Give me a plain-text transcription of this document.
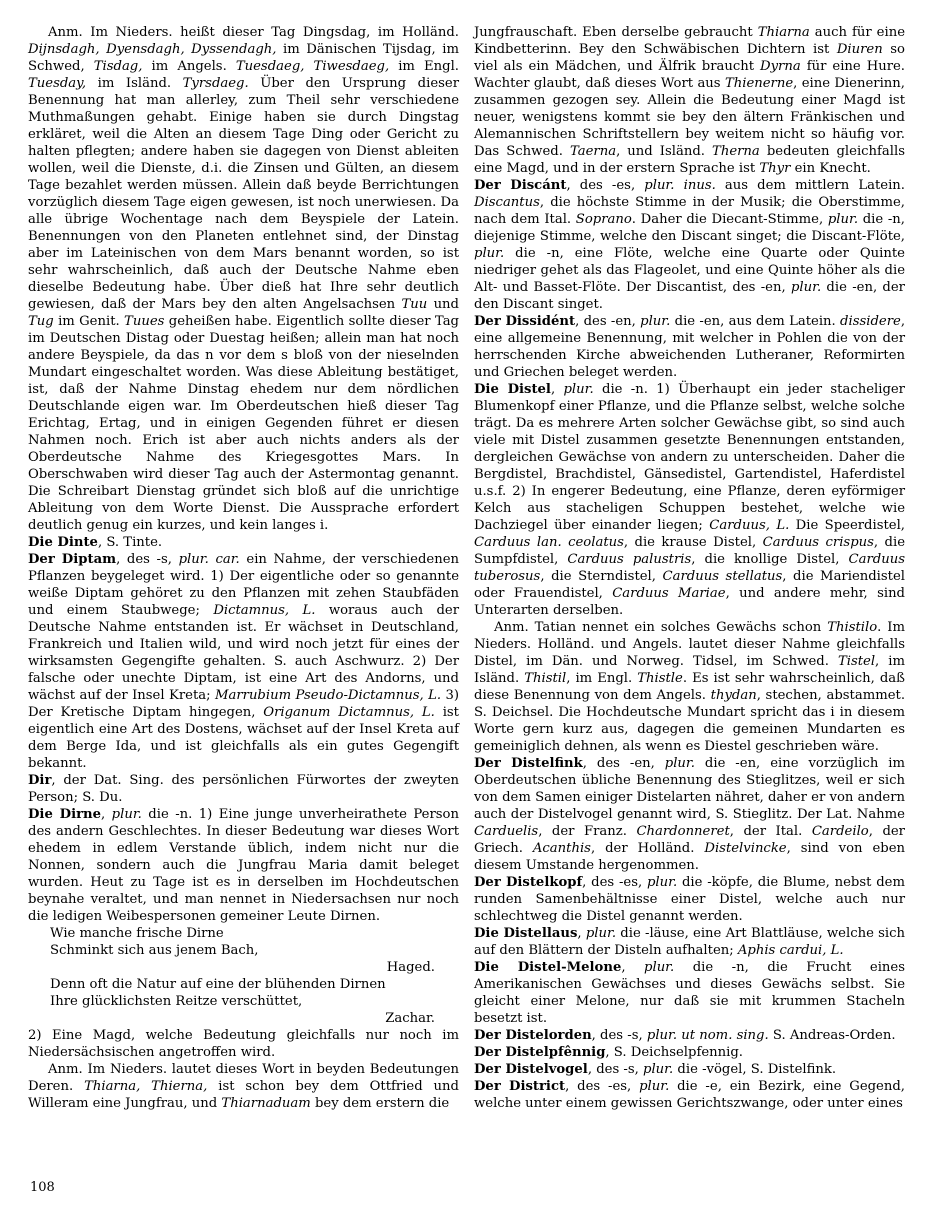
Anm. Im Nieders. heißt dieser Tag Dingsdag, im Holländ. Dijnsdagh, Dyensdagh, Dyssendagh, im Dänischen Tijsdag, im Schwed, Tisdag, im Angels. Tuesdaeg, Tiwesdaeg, im Engl. Tuesday, im Isländ. Tyrsdaeg. Über den Ursprung dieser Benennung hat man allerley, zum Theil sehr verschiedene Muthmaßungen gehabt. Einige haben sie durch Dingstag erkläret, weil die Alten an diesem Tage Ding oder Gericht zu halten pflegten; andere haben sie dagegen von Dienst ableiten wollen, weil die Dienste, d.i. die Zinsen und Gülten, an diesem Tage bezahlet werden müssen. Allein daß beyde Berrichtungen vorzüglich diesem Tage eigen gewesen, ist noch unerwiesen. Da alle übrige Wochentage nach dem Beyspiele der Latein. Benennungen von den Planeten entlehnet sind, der Dinstag aber im Lateinischen von dem Mars benannt worden, so ist sehr wahrscheinlich, daß auch der Deutsche Nahme eben dieselbe Bedeutung habe. Über dieß hat Ihre sehr deutlich gewiesen, daß der Mars bey den alten Angelsachsen Tuu und Tug im Genit. Tuues geheißen habe. Eigentlich sollte dieser Tag im Deutschen Distag oder Duestag heißen; allein man hat noch andere Beyspiele, da das n vor dem s bloß von der nieselnden Mundart eingeschaltet worden. Was diese Ableitung bestätiget, ist, daß der Nahme Dinstag ehedem nur dem nördlichen Deutschlande eigen war. Im Oberdeutschen hieß dieser Tag Erichtag, Ertag, und in einigen Gegenden führet er diesen Nahmen noch. Erich ist aber auch nichts anders als der Oberdeutsche Nahme des Kriegesgottes Mars. In Oberschwaben wird dieser Tag auch der Astermontag genannt. Die Schreibart Dienstag gründet sich bloß auf die unrichtige Ableitung von dem Worte Dienst. Die Aussprache erfordert deutlich genug ein kurzes, und kein langes i.

Die Dinte, S. Tinte.

Der Diptam, des -s, plur. car. ein Nahme, der verschiedenen Pflanzen beygeleget wird. 1) Der eigentliche oder so genannte weiße Diptam gehöret zu den Pflanzen mit zehen Staubfäden und einem Staubwege; Dictamnus, L. woraus auch der Deutsche Nahme entstanden ist. Er wächset in Deutschland, Frankreich und Italien wild, und wird noch jetzt für eines der wirksamsten Gegengifte gehalten. S. auch Aschwurz. 2) Der falsche oder unechte Diptam, ist eine Art des Andorns, und wächst auf der Insel Kreta; Marrubium Pseudo-Dictamnus, L. 3) Der Kretische Diptam hingegen, Origanum Dictamnus, L. ist eigentlich eine Art des Dostens, wächset auf der Insel Kreta auf dem Berge Ida, und ist gleichfalls als ein gutes Gegengift bekannt.

Dir, der Dat. Sing. des persönlichen Fürwortes der zweyten Person; S. Du.

Die Dirne, plur. die -n. 1) Eine junge unverheirathete Person des andern Geschlechtes. In dieser Bedeutung war dieses Wort ehedem in edlem Verstande üblich, indem nicht nur die Nonnen, sondern auch die Jungfrau Maria damit beleget wurden. Heut zu Tage ist es in derselben im Hochdeutschen beynahe veraltet, und man nennet in Niedersachsen nur noch die ledigen Weibespersonen gemeiner Leute Dirnen.

Wie manche frische Dirne

Schminkt sich aus jenem Bach,

Haged.

Denn oft die Natur auf eine der blühenden Dirnen

Ihre glücklichsten Reitze verschüttet,

Zachar.

2) Eine Magd, welche Bedeutung gleichfalls nur noch im Niedersächsischen angetroffen wird.

Anm. Im Nieders. lautet dieses Wort in beyden Bedeutungen Deren. Thiarna, Thierna, ist schon bey dem Ottfried und Willeram eine Jungfrau, und Thiarnaduam bey dem erstern die

Jungfrauschaft. Eben derselbe gebraucht Thiarna auch für eine Kindbetterinn. Bey den Schwäbischen Dichtern ist Diuren so viel als ein Mädchen, und Älfrik braucht Dyrna für eine Hure. Wachter glaubt, daß dieses Wort aus Thienerne, eine Dienerinn, zusammen gezogen sey. Allein die Bedeutung einer Magd ist neuer, wenigstens kommt sie bey den ältern Fränkischen und Alemannischen Schriftstellern bey weitem nicht so häufig vor. Das Schwed. Taerna, und Isländ. Therna bedeuten gleichfalls eine Magd, und in der erstern Sprache ist Thyr ein Knecht.

Der Discánt, des -es, plur. inus. aus dem mittlern Latein. Discantus, die höchste Stimme in der Musik; die Oberstimme, nach dem Ital. Soprano. Daher die Diecant-Stimme, plur. die -n, diejenige Stimme, welche den Discant singet; die Discant-Flöte, plur. die -n, eine Flöte, welche eine Quarte oder Quinte niedriger gehet als das Flageolet, und eine Quinte höher als die Alt- und Basset-Flöte. Der Discantist, des -en, plur. die -en, der den Discant singet.

Der Dissidént, des -en, plur. die -en, aus dem Latein. dissidere, eine allgemeine Benennung, mit welcher in Pohlen die von der herrschenden Kirche abweichenden Lutheraner, Reformirten und Griechen beleget werden.

Die Distel, plur. die -n. 1) Überhaupt ein jeder stacheliger Blumenkopf einer Pflanze, und die Pflanze selbst, welche solche trägt. Da es mehrere Arten solcher Gewächse gibt, so sind auch viele mit Distel zusammen gesetzte Benennungen entstanden, dergleichen Gewächse von andern zu unterscheiden. Daher die Bergdistel, Brachdistel, Gänsedistel, Gartendistel, Haferdistel u.s.f. 2) In engerer Bedeutung, eine Pflanze, deren eyförmiger Kelch aus stacheligen Schuppen bestehet, welche wie Dachziegel über einander liegen; Carduus, L. Die Speerdistel, Carduus lan. ceolatus, die krause Distel, Carduus crispus, die Sumpfdistel, Carduus palustris, die knollige Distel, Carduus tuberosus, die Sterndistel, Carduus stellatus, die Mariendistel oder Frauendistel, Carduus Mariae, und andere mehr, sind Unterarten derselben.

Anm. Tatian nennet ein solches Gewächs schon Thistilo. Im Nieders. Holländ. und Angels. lautet dieser Nahme gleichfalls Distel, im Dän. und Norweg. Tidsel, im Schwed. Tistel, im Isländ. Thistil, im Engl. Thistle. Es ist sehr wahrscheinlich, daß diese Benennung von dem Angels. thydan, stechen, abstammet. S. Deichsel. Die Hochdeutsche Mundart spricht das i in diesem Worte gern kurz aus, dagegen die gemeinen Mundarten es gemeiniglich dehnen, als wenn es Diestel geschrieben wäre.

Der Distelfink, des -en, plur. die -en, eine vorzüglich im Oberdeutschen übliche Benennung des Stieglitzes, weil er sich von dem Samen einiger Distelarten nähret, daher er von andern auch der Distelvogel genannt wird, S. Stieglitz. Der Lat. Nahme Carduelis, der Franz. Chardonneret, der Ital. Cardeilo, der Griech. Acanthis, der Holländ. Distelvincke, sind von eben diesem Umstande hergenommen.

Der Distelkopf, des -es, plur. die -köpfe, die Blume, nebst dem runden Samenbehältnisse einer Distel, welche auch nur schlechtweg die Distel genannt werden.

Die Distellaus, plur. die -läuse, eine Art Blattläuse, welche sich auf den Blättern der Disteln aufhalten; Aphis cardui, L.

Die Distel-Melone, plur. die -n, die Frucht eines Amerikanischen Gewächses und dieses Gewächs selbst. Sie gleicht einer Melone, nur daß sie mit krummen Stacheln besetzt ist.

Der Distelorden, des -s, plur. ut nom. sing. S. Andreas-Orden.

Der Distelpfênnig, S. Deichselpfennig.

Der Distelvogel, des -s, plur. die -vögel, S. Distelfink.

Der District, des -es, plur. die -e, ein Bezirk, eine Gegend, welche unter einem gewissen Gerichtszwange, oder unter eines

108
